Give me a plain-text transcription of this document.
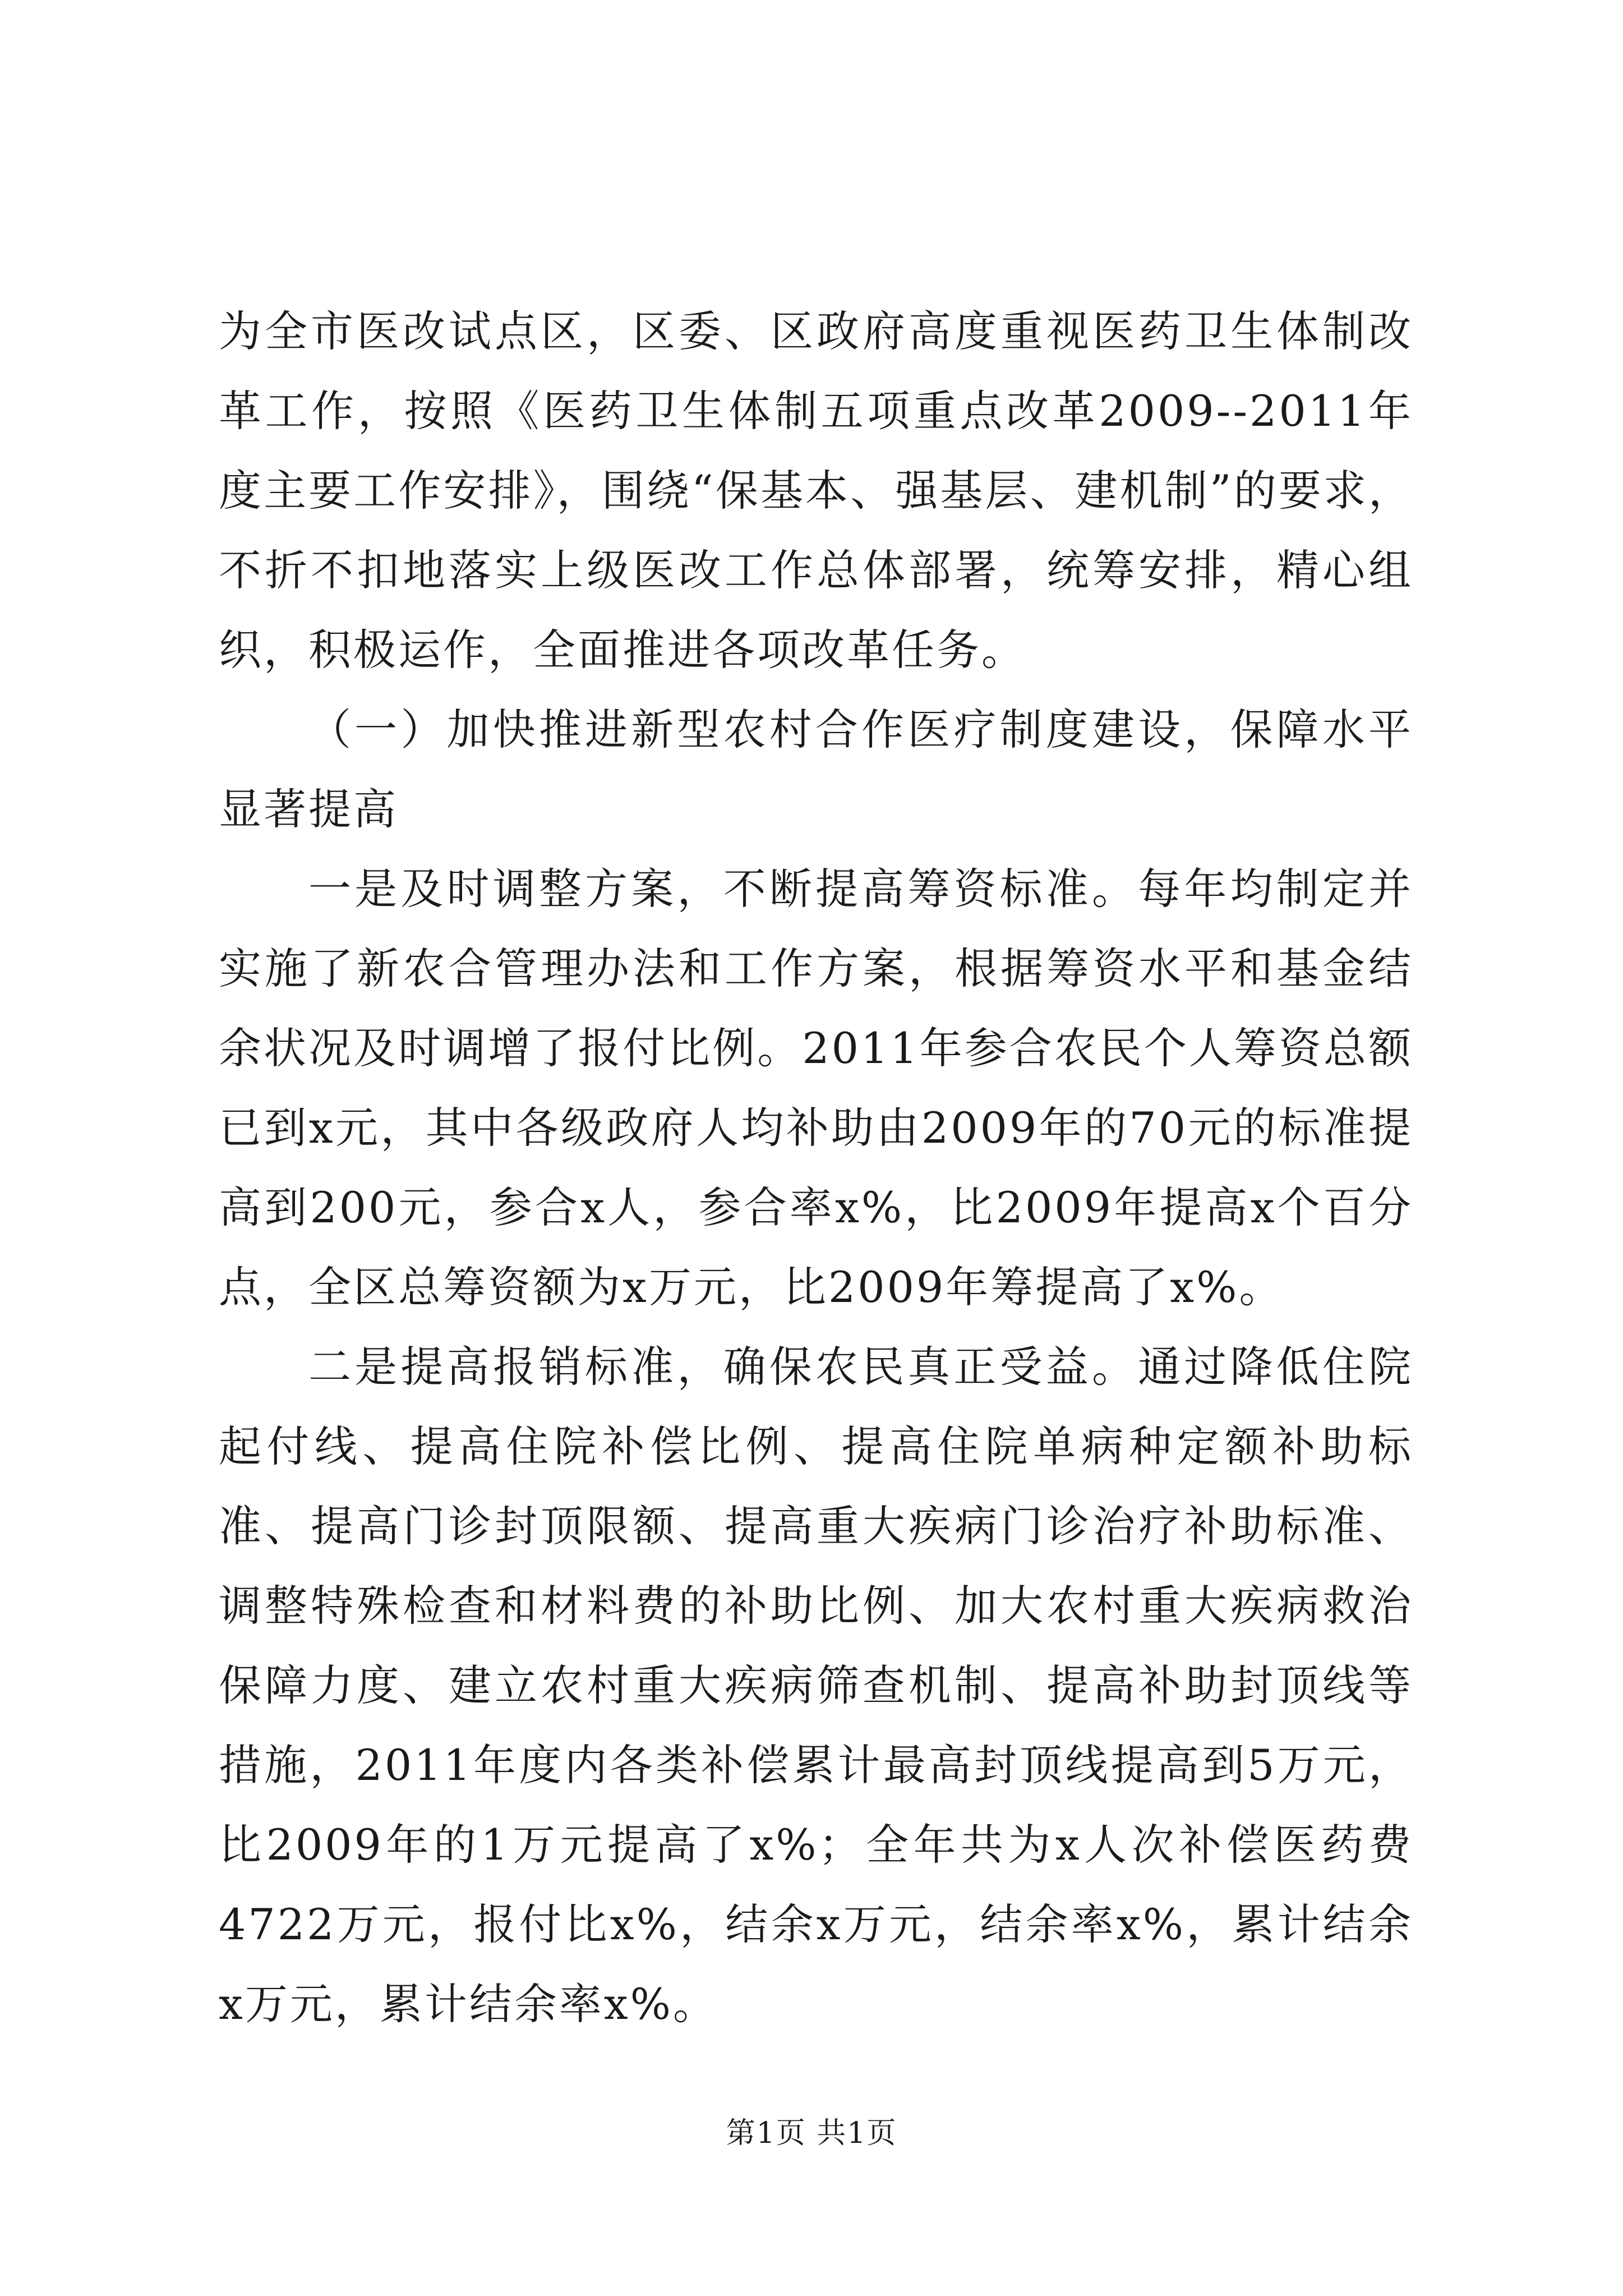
为全市医改试点区，区委、区政府高度重视医药卫生体制改革工作，按照《医药卫生体制五项重点改革2009--2011年度主要工作安排》，围绕“保基本、强基层、建机制”的要求，不折不扣地落实上级医改工作总体部署，统筹安排，精心组织，积极运作，全面推进各项改革任务。

（一）加快推进新型农村合作医疗制度建设，保障水平显著提高

一是及时调整方案，不断提高筹资标准。每年均制定并实施了新农合管理办法和工作方案，根据筹资水平和基金结余状况及时调增了报付比例。2011年参合农民个人筹资总额已到x元，其中各级政府人均补助由2009年的70元的标准提高到200元，参合x人，参合率x%，比2009年提高x个百分点，全区总筹资额为x万元，比2009年筹提高了x%。

二是提高报销标准，确保农民真正受益。通过降低住院起付线、提高住院补偿比例、提高住院单病种定额补助标准、提高门诊封顶限额、提高重大疾病门诊治疗补助标准、调整特殊检查和材料费的补助比例、加大农村重大疾病救治保障力度、建立农村重大疾病筛查机制、提高补助封顶线等措施，2011年度内各类补偿累计最高封顶线提高到5万元，比2009年的1万元提高了x%；全年共为x人次补偿医药费4722万元，报付比x%，结余x万元，结余率x%，累计结余x万元，累计结余率x%。

第1页 共1页
